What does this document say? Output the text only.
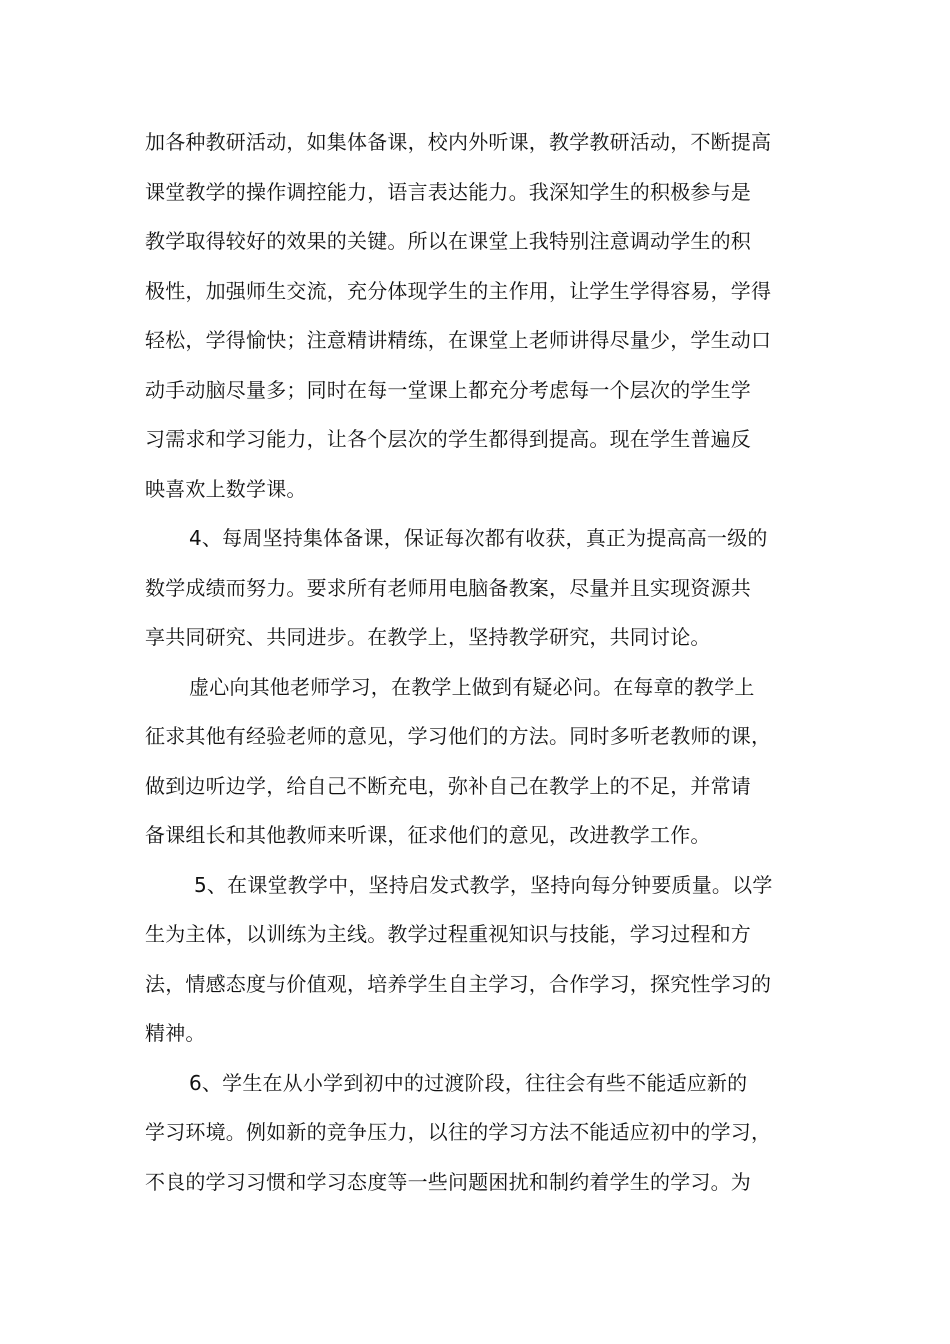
加各种教研活动，如集体备课，校内外听课，教学教研活动，不断提高
课堂教学的操作调控能力，语言表达能力。我深知学生的积极参与是
教学取得较好的效果的关键。所以在课堂上我特别注意调动学生的积
极性，加强师生交流，充分体现学生的主作用，让学生学得容易，学得
轻松，学得愉快；注意精讲精练，在课堂上老师讲得尽量少，学生动口
动手动脑尽量多；同时在每一堂课上都充分考虑每一个层次的学生学
习需求和学习能力，让各个层次的学生都得到提高。现在学生普遍反
映喜欢上数学课。
4、每周坚持集体备课，保证每次都有收获，真正为提高高一级的
数学成绩而努力。要求所有老师用电脑备教案，尽量并且实现资源共
享共同研究、共同进步。在教学上，坚持教学研究，共同讨论。
虚心向其他老师学习，在教学上做到有疑必问。在每章的教学上
征求其他有经验老师的意见，学习他们的方法。同时多听老教师的课，
做到边听边学，给自己不断充电，弥补自己在教学上的不足，并常请
备课组长和其他教师来听课，征求他们的意见，改进教学工作。
5、在课堂教学中，坚持启发式教学，坚持向每分钟要质量。以学
生为主体，以训练为主线。教学过程重视知识与技能，学习过程和方
法，情感态度与价值观，培养学生自主学习，合作学习，探究性学习的
精神。
6、学生在从小学到初中的过渡阶段，往往会有些不能适应新的
学习环境。例如新的竞争压力，以往的学习方法不能适应初中的学习，
不良的学习习惯和学习态度等一些问题困扰和制约着学生的学习。为
